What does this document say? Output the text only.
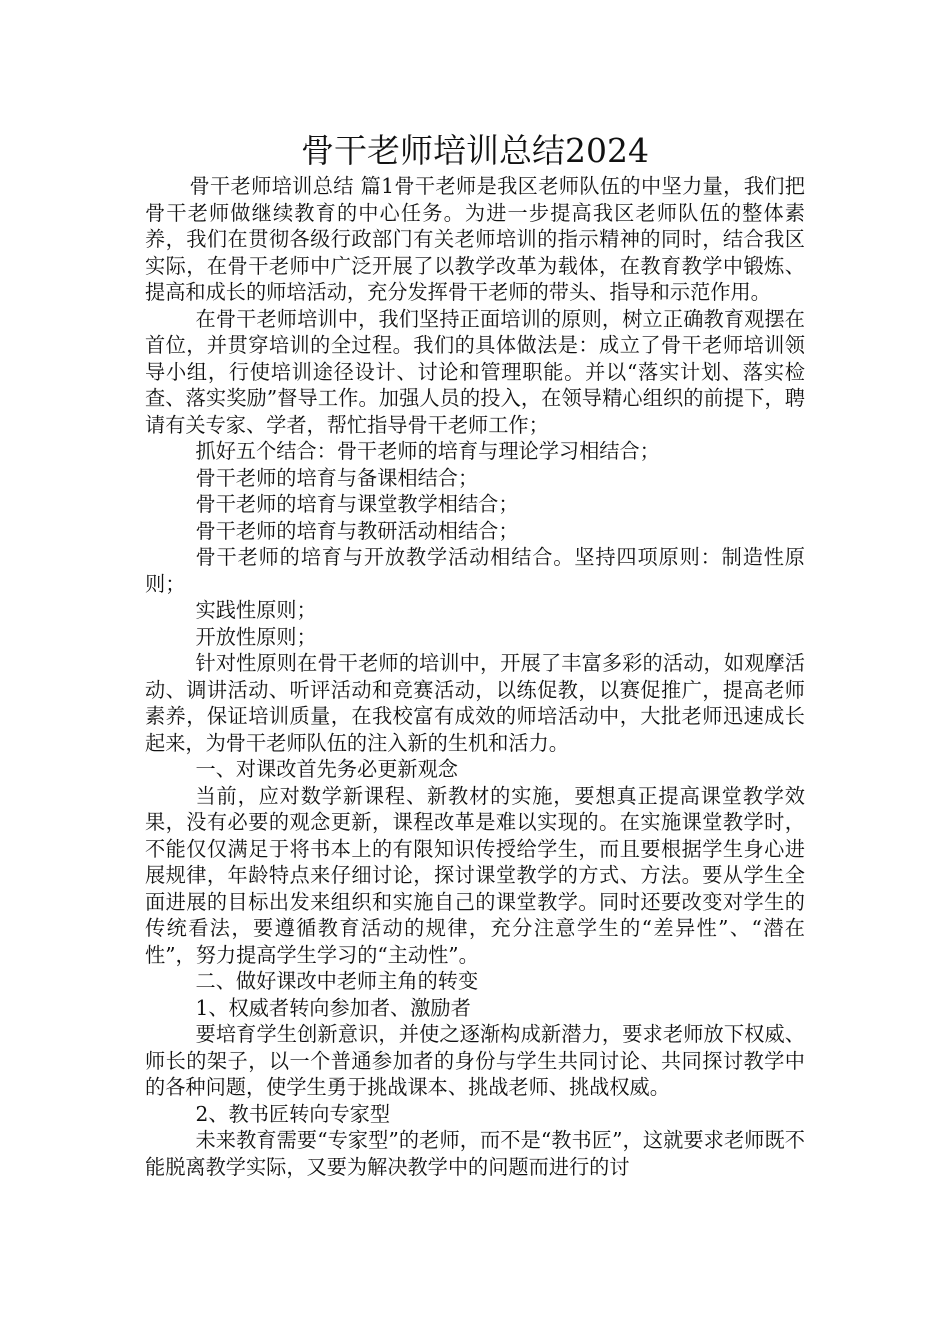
骨干老师培训总结2024

骨干老师培训总结 篇1骨干老师是我区老师队伍的中坚力量，我们把骨干老师做继续教育的中心任务。为进一步提高我区老师队伍的整体素养，我们在贯彻各级行政部门有关老师培训的指示精神的同时，结合我区实际，在骨干老师中广泛开展了以教学改革为载体，在教育教学中锻炼、提高和成长的师培活动，充分发挥骨干老师的带头、指导和示范作用。

在骨干老师培训中，我们坚持正面培训的原则，树立正确教育观摆在首位，并贯穿培训的全过程。我们的具体做法是：成立了骨干老师培训领导小组，行使培训途径设计、讨论和管理职能。并以“落实计划、落实检查、落实奖励”督导工作。加强人员的投入，在领导精心组织的前提下，聘请有关专家、学者，帮忙指导骨干老师工作；

抓好五个结合：骨干老师的培育与理论学习相结合；

骨干老师的培育与备课相结合；

骨干老师的培育与课堂教学相结合；

骨干老师的培育与教研活动相结合；

骨干老师的培育与开放教学活动相结合。坚持四项原则：制造性原则；

实践性原则；

开放性原则；

针对性原则在骨干老师的培训中，开展了丰富多彩的活动，如观摩活动、调讲活动、听评活动和竞赛活动，以练促教，以赛促推广，提高老师素养，保证培训质量，在我校富有成效的师培活动中，大批老师迅速成长起来，为骨干老师队伍的注入新的生机和活力。

一、对课改首先务必更新观念

当前，应对数学新课程、新教材的实施，要想真正提高课堂教学效果，没有必要的观念更新，课程改革是难以实现的。在实施课堂教学时，不能仅仅满足于将书本上的有限知识传授给学生，而且要根据学生身心进展规律，年龄特点来仔细讨论，探讨课堂教学的方式、方法。要从学生全面进展的目标出发来组织和实施自己的课堂教学。同时还要改变对学生的传统看法，要遵循教育活动的规律，充分注意学生的“差异性”、“潜在性”，努力提高学生学习的“主动性”。

二、做好课改中老师主角的转变

1、权威者转向参加者、激励者

要培育学生创新意识，并使之逐渐构成新潜力，要求老师放下权威、师长的架子，以一个普通参加者的身份与学生共同讨论、共同探讨教学中的各种问题，使学生勇于挑战课本、挑战老师、挑战权威。

2、教书匠转向专家型

未来教育需要“专家型”的老师，而不是“教书匠”，这就要求老师既不能脱离教学实际，又要为解决教学中的问题而进行的讨
